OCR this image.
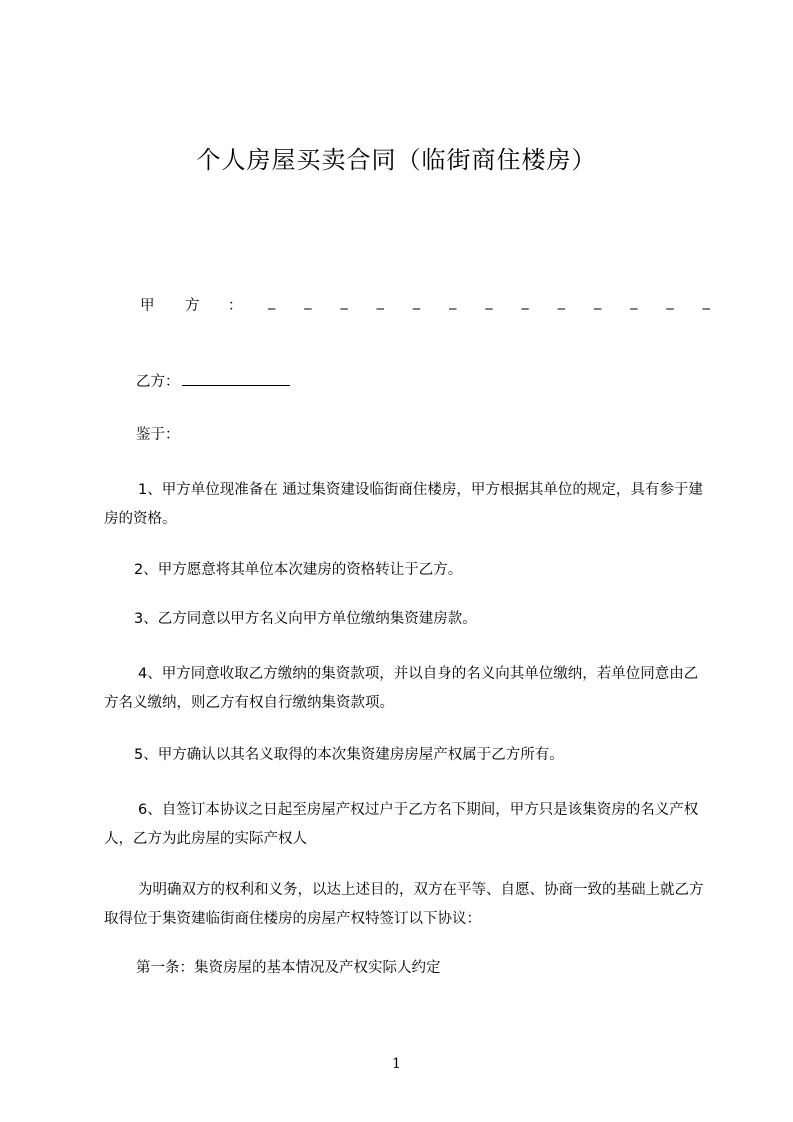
个人房屋买卖合同（临街商住楼房）
甲 方 ： _ _ _ _ _ _ _ _ _ _ _ _ _
乙方：
鉴于：
1、甲方单位现准备在 通过集资建设临街商住楼房，甲方根据其单位的规定，具有参于建房的资格。
2、甲方愿意将其单位本次建房的资格转让于乙方。
3、乙方同意以甲方名义向甲方单位缴纳集资建房款。
4、甲方同意收取乙方缴纳的集资款项，并以自身的名义向其单位缴纳，若单位同意由乙方名义缴纳，则乙方有权自行缴纳集资款项。
5、甲方确认以其名义取得的本次集资建房房屋产权属于乙方所有。
6、自签订本协议之日起至房屋产权过户于乙方名下期间，甲方只是该集资房的名义产权人，乙方为此房屋的实际产权人
为明确双方的权利和义务，以达上述目的，双方在平等、自愿、协商一致的基础上就乙方取得位于集资建临街商住楼房的房屋产权特签订以下协议：
第一条：集资房屋的基本情况及产权实际人约定
1
